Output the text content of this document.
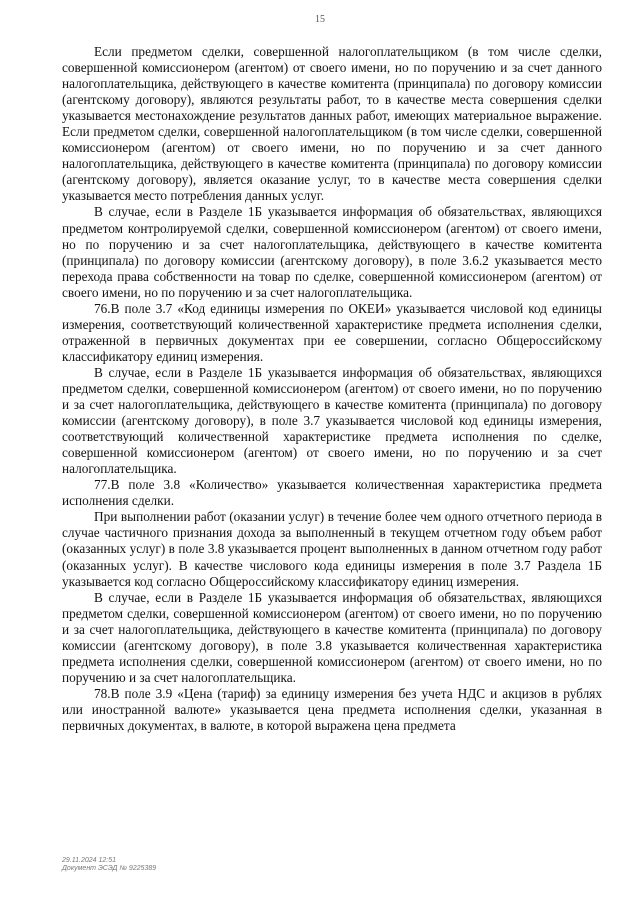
15

Если предметом сделки, совершенной налогоплательщиком (в том числе сделки, совершенной комиссионером (агентом) от своего имени, но по поручению и за счет данного налогоплательщика, действующего в качестве комитента (принципала) по договору комиссии (агентскому договору), являются результаты работ, то в качестве места совершения сделки указывается местонахождение результатов данных работ, имеющих материальное выражение. Если предметом сделки, совершенной налогоплательщиком (в том числе сделки, совершенной комиссионером (агентом) от своего имени, но по поручению и за счет данного налогоплательщика, действующего в качестве комитента (принципала) по договору комиссии (агентскому договору), является оказание услуг, то в качестве места совершения сделки указывается место потребления данных услуг.

В случае, если в Разделе 1Б указывается информация об обязательствах, являющихся предметом контролируемой сделки, совершенной комиссионером (агентом) от своего имени, но по поручению и за счет налогоплательщика, действующего в качестве комитента (принципала) по договору комиссии (агентскому договору), в поле 3.6.2 указывается место перехода права собственности на товар по сделке, совершенной комиссионером (агентом) от своего имени, но по поручению и за счет налогоплательщика.

76.В поле 3.7 «Код единицы измерения по ОКЕИ» указывается числовой код единицы измерения, соответствующий количественной характеристике предмета исполнения сделки, отраженной в первичных документах при ее совершении, согласно Общероссийскому классификатору единиц измерения.

В случае, если в Разделе 1Б указывается информация об обязательствах, являющихся предметом сделки, совершенной комиссионером (агентом) от своего имени, но по поручению и за счет налогоплательщика, действующего в качестве комитента (принципала) по договору комиссии (агентскому договору), в поле 3.7 указывается числовой код единицы измерения, соответствующий количественной характеристике предмета исполнения по сделке, совершенной комиссионером (агентом) от своего имени, но по поручению и за счет налогоплательщика.

77.В поле 3.8 «Количество» указывается количественная характеристика предмета исполнения сделки.

При выполнении работ (оказании услуг) в течение более чем одного отчетного периода в случае частичного признания дохода за выполненный в текущем отчетном году объем работ (оказанных услуг) в поле 3.8 указывается процент выполненных в данном отчетном году работ (оказанных услуг). В качестве числового кода единицы измерения в поле 3.7 Раздела 1Б указывается код согласно Общероссийскому классификатору единиц измерения.

В случае, если в Разделе 1Б указывается информация об обязательствах, являющихся предметом сделки, совершенной комиссионером (агентом) от своего имени, но по поручению и за счет налогоплательщика, действующего в качестве комитента (принципала) по договору комиссии (агентскому договору), в поле 3.8 указывается количественная характеристика предмета исполнения сделки, совершенной комиссионером (агентом) от своего имени, но по поручению и за счет налогоплательщика.

78.В поле 3.9 «Цена (тариф) за единицу измерения без учета НДС и акцизов в рублях или иностранной валюте» указывается цена предмета исполнения сделки, указанная в первичных документах, в валюте, в которой выражена цена предмета

29.11.2024 12:51
Документ ЭСЭД № 9225389
